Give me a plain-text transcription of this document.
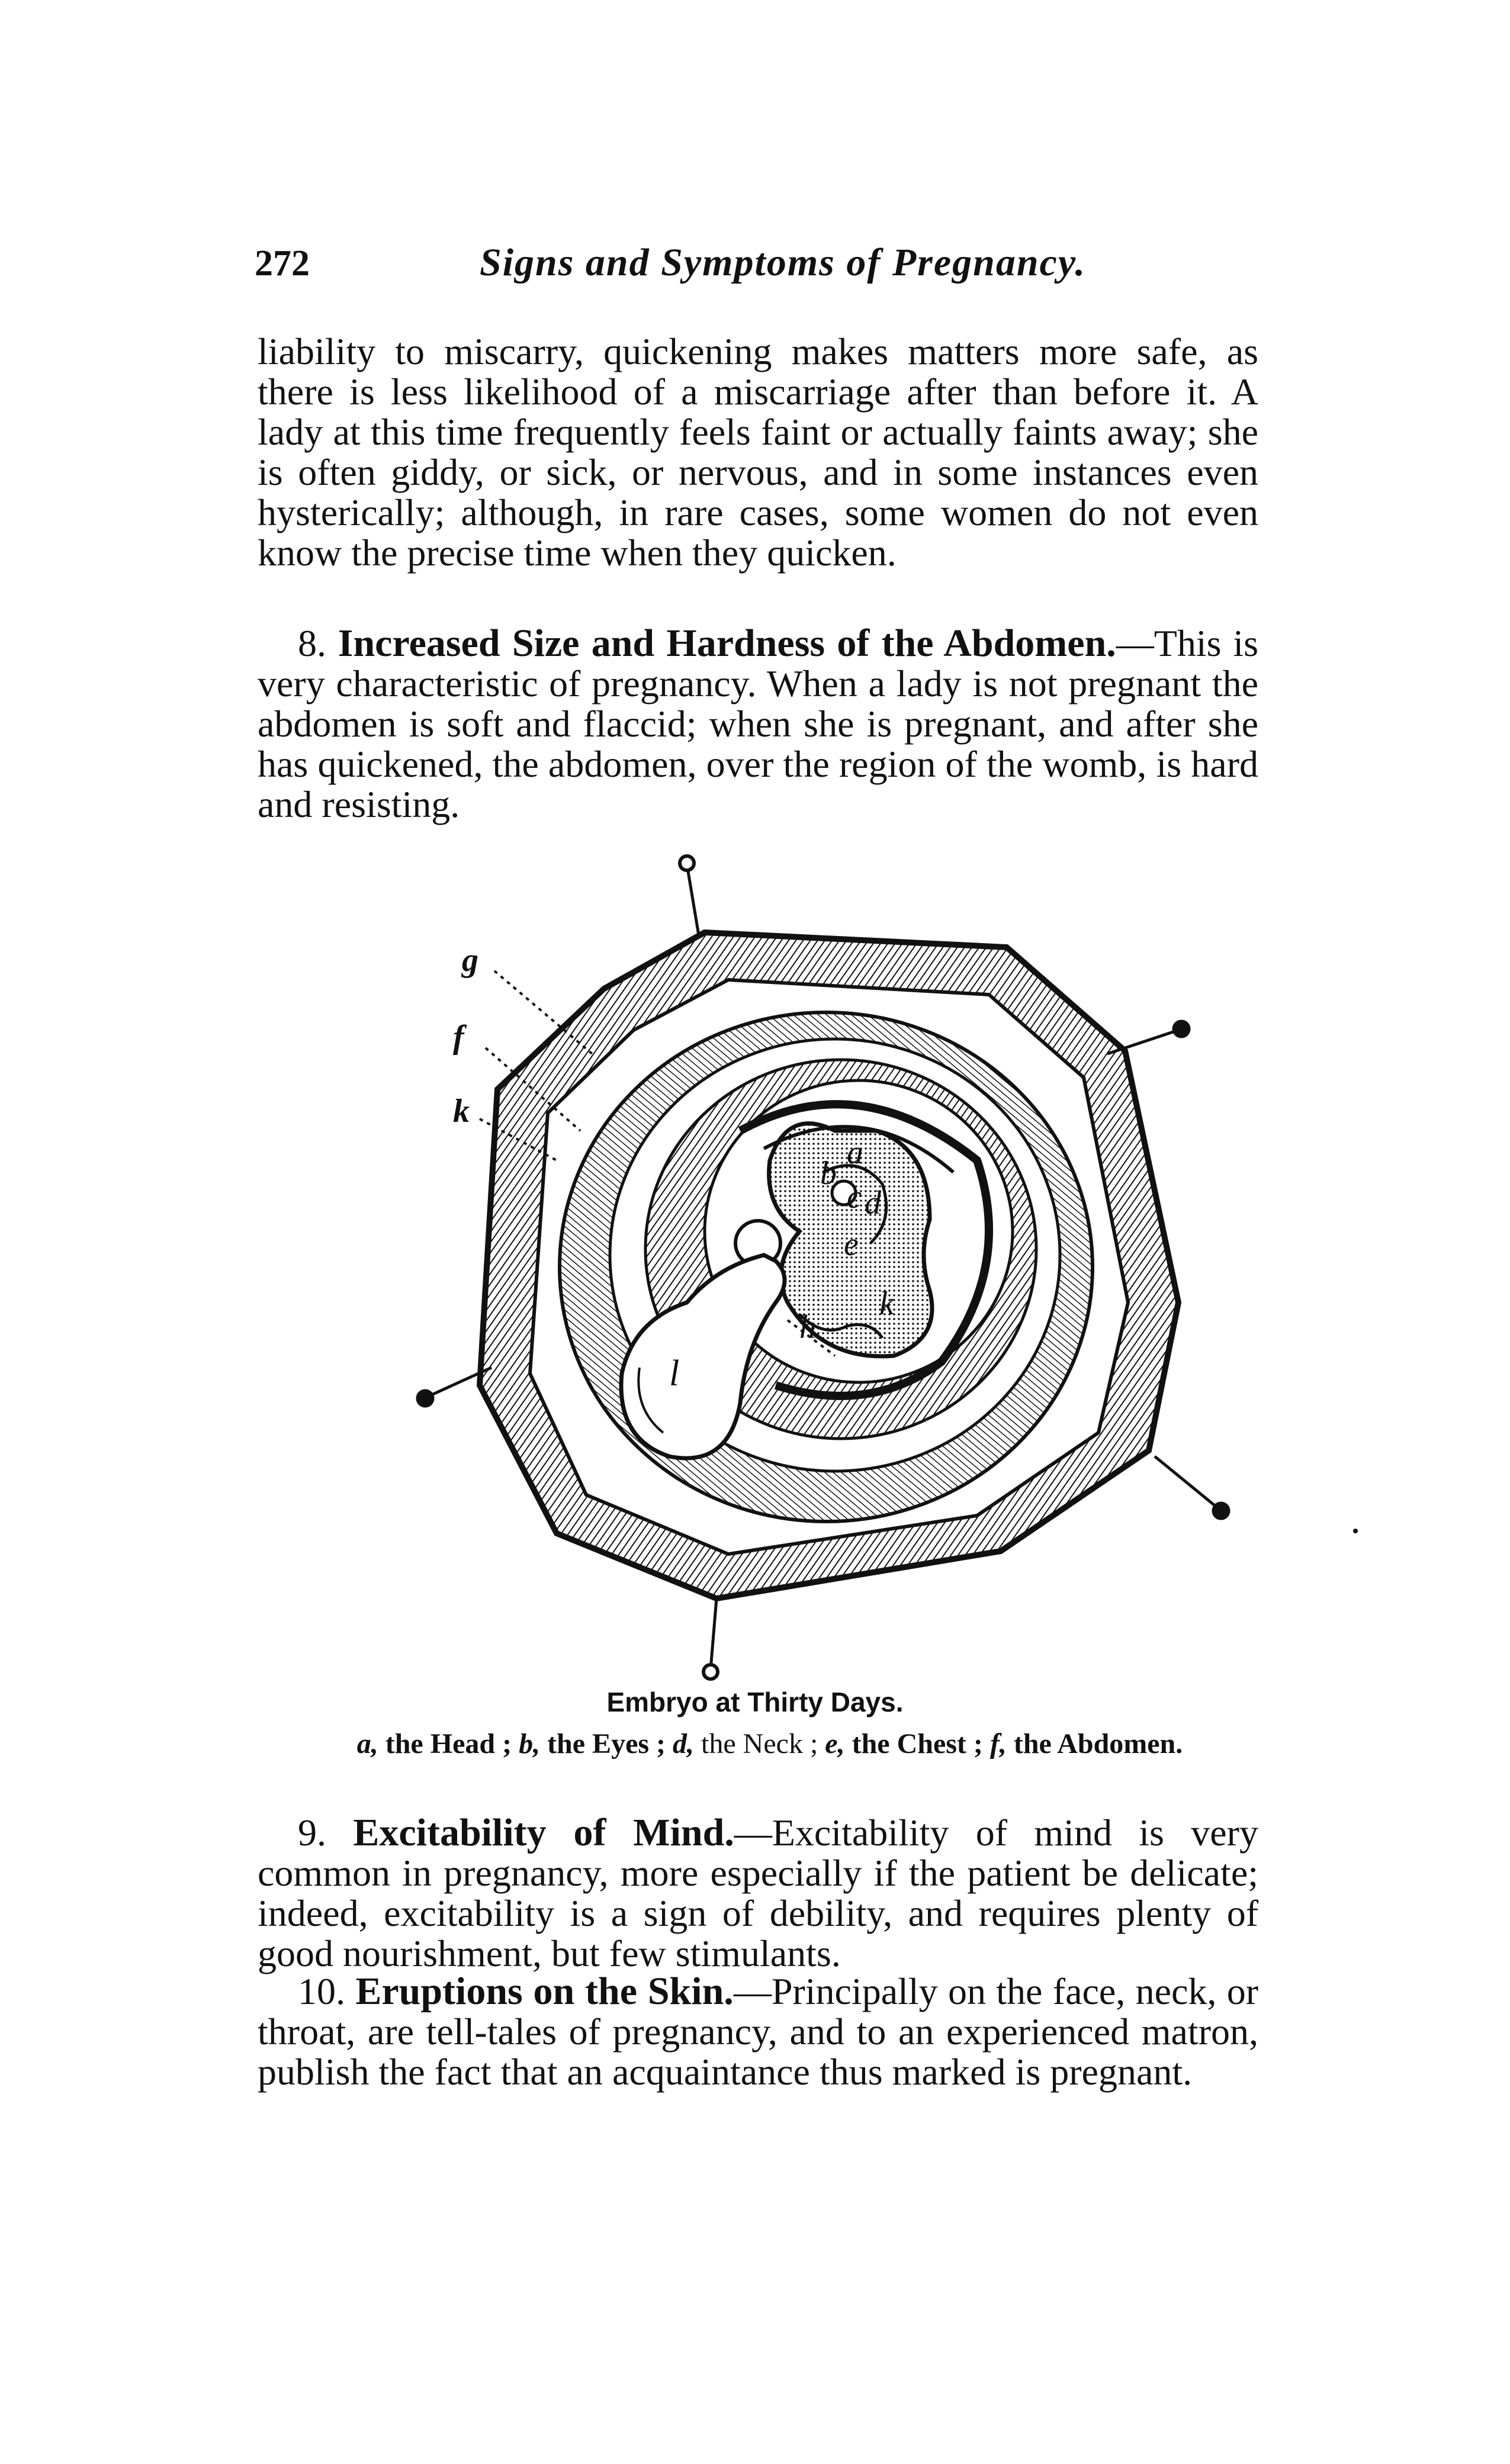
272	Signs and Symptoms of Pregnancy.

liability to miscarry, quickening makes matters more safe, as there is less likelihood of a miscarriage after than before it. A lady at this time frequently feels faint or actually faints away; she is often giddy, or sick, or nervous, and in some instances even hysterically; although, in rare cases, some women do not even know the precise time when they quicken.

8. Increased Size and Hardness of the Abdomen.—This is very characteristic of pregnancy. When a lady is not pregnant the abdomen is soft and flaccid; when she is pregnant, and after she has quickened, the abdomen, over the region of the womb, is hard and resisting.

g
f
k
a
b
c d
e
h
k
l
Embryo at Thirty Days.
a, the Head ; b, the Eyes ; d, the Neck ; e, the Chest ; f, the Abdomen.

9. Excitability of Mind.—Excitability of mind is very common in pregnancy, more especially if the patient be delicate; indeed, excitability is a sign of debility, and requires plenty of good nourishment, but few stimulants.

10. Eruptions on the Skin.—Principally on the face, neck, or throat, are tell-tales of pregnancy, and to an experienced matron, publish the fact that an acquaintance thus marked is pregnant.
